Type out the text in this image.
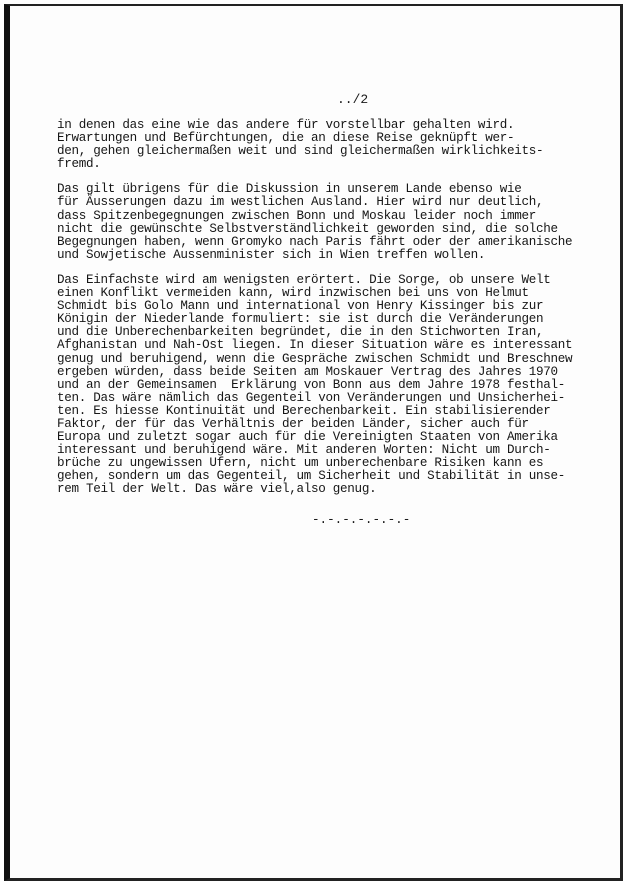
../2
in denen das eine wie das andere für vorstellbar gehalten wird.
Erwartungen und Befürchtungen, die an diese Reise geknüpft wer-
den, gehen gleichermaßen weit und sind gleichermaßen wirklichkeits-
fremd.
Das gilt übrigens für die Diskussion in unserem Lande ebenso wie
für Äusserungen dazu im westlichen Ausland. Hier wird nur deutlich,
dass Spitzenbegegnungen zwischen Bonn und Moskau leider noch immer
nicht die gewünschte Selbstverständlichkeit geworden sind, die solche
Begegnungen haben, wenn Gromyko nach Paris fährt oder der amerikanische
und Sowjetische Aussenminister sich in Wien treffen wollen.
Das Einfachste wird am wenigsten erörtert. Die Sorge, ob unsere Welt
einen Konflikt vermeiden kann, wird inzwischen bei uns von Helmut
Schmidt bis Golo Mann und international von Henry Kissinger bis zur
Königin der Niederlande formuliert: sie ist durch die Veränderungen
und die Unberechenbarkeiten begründet, die in den Stichworten Iran,
Afghanistan und Nah-Ost liegen. In dieser Situation wäre es interessant
genug und beruhigend, wenn die Gespräche zwischen Schmidt und Breschnew
ergeben würden, dass beide Seiten am Moskauer Vertrag des Jahres 1970
und an der Gemeinsamen  Erklärung von Bonn aus dem Jahre 1978 festhal-
ten. Das wäre nämlich das Gegenteil von Veränderungen und Unsicherhei-
ten. Es hiesse Kontinuität und Berechenbarkeit. Ein stabilisierender
Faktor, der für das Verhältnis der beiden Länder, sicher auch für
Europa und zuletzt sogar auch für die Vereinigten Staaten von Amerika
interessant und beruhigend wäre. Mit anderen Worten: Nicht um Durch-
brüche zu ungewissen Ufern, nicht um unberechenbare Risiken kann es
gehen, sondern um das Gegenteil, um Sicherheit und Stabilität in unse-
rem Teil der Welt. Das wäre viel,also genug.
-.-.-.-.-.-.-
